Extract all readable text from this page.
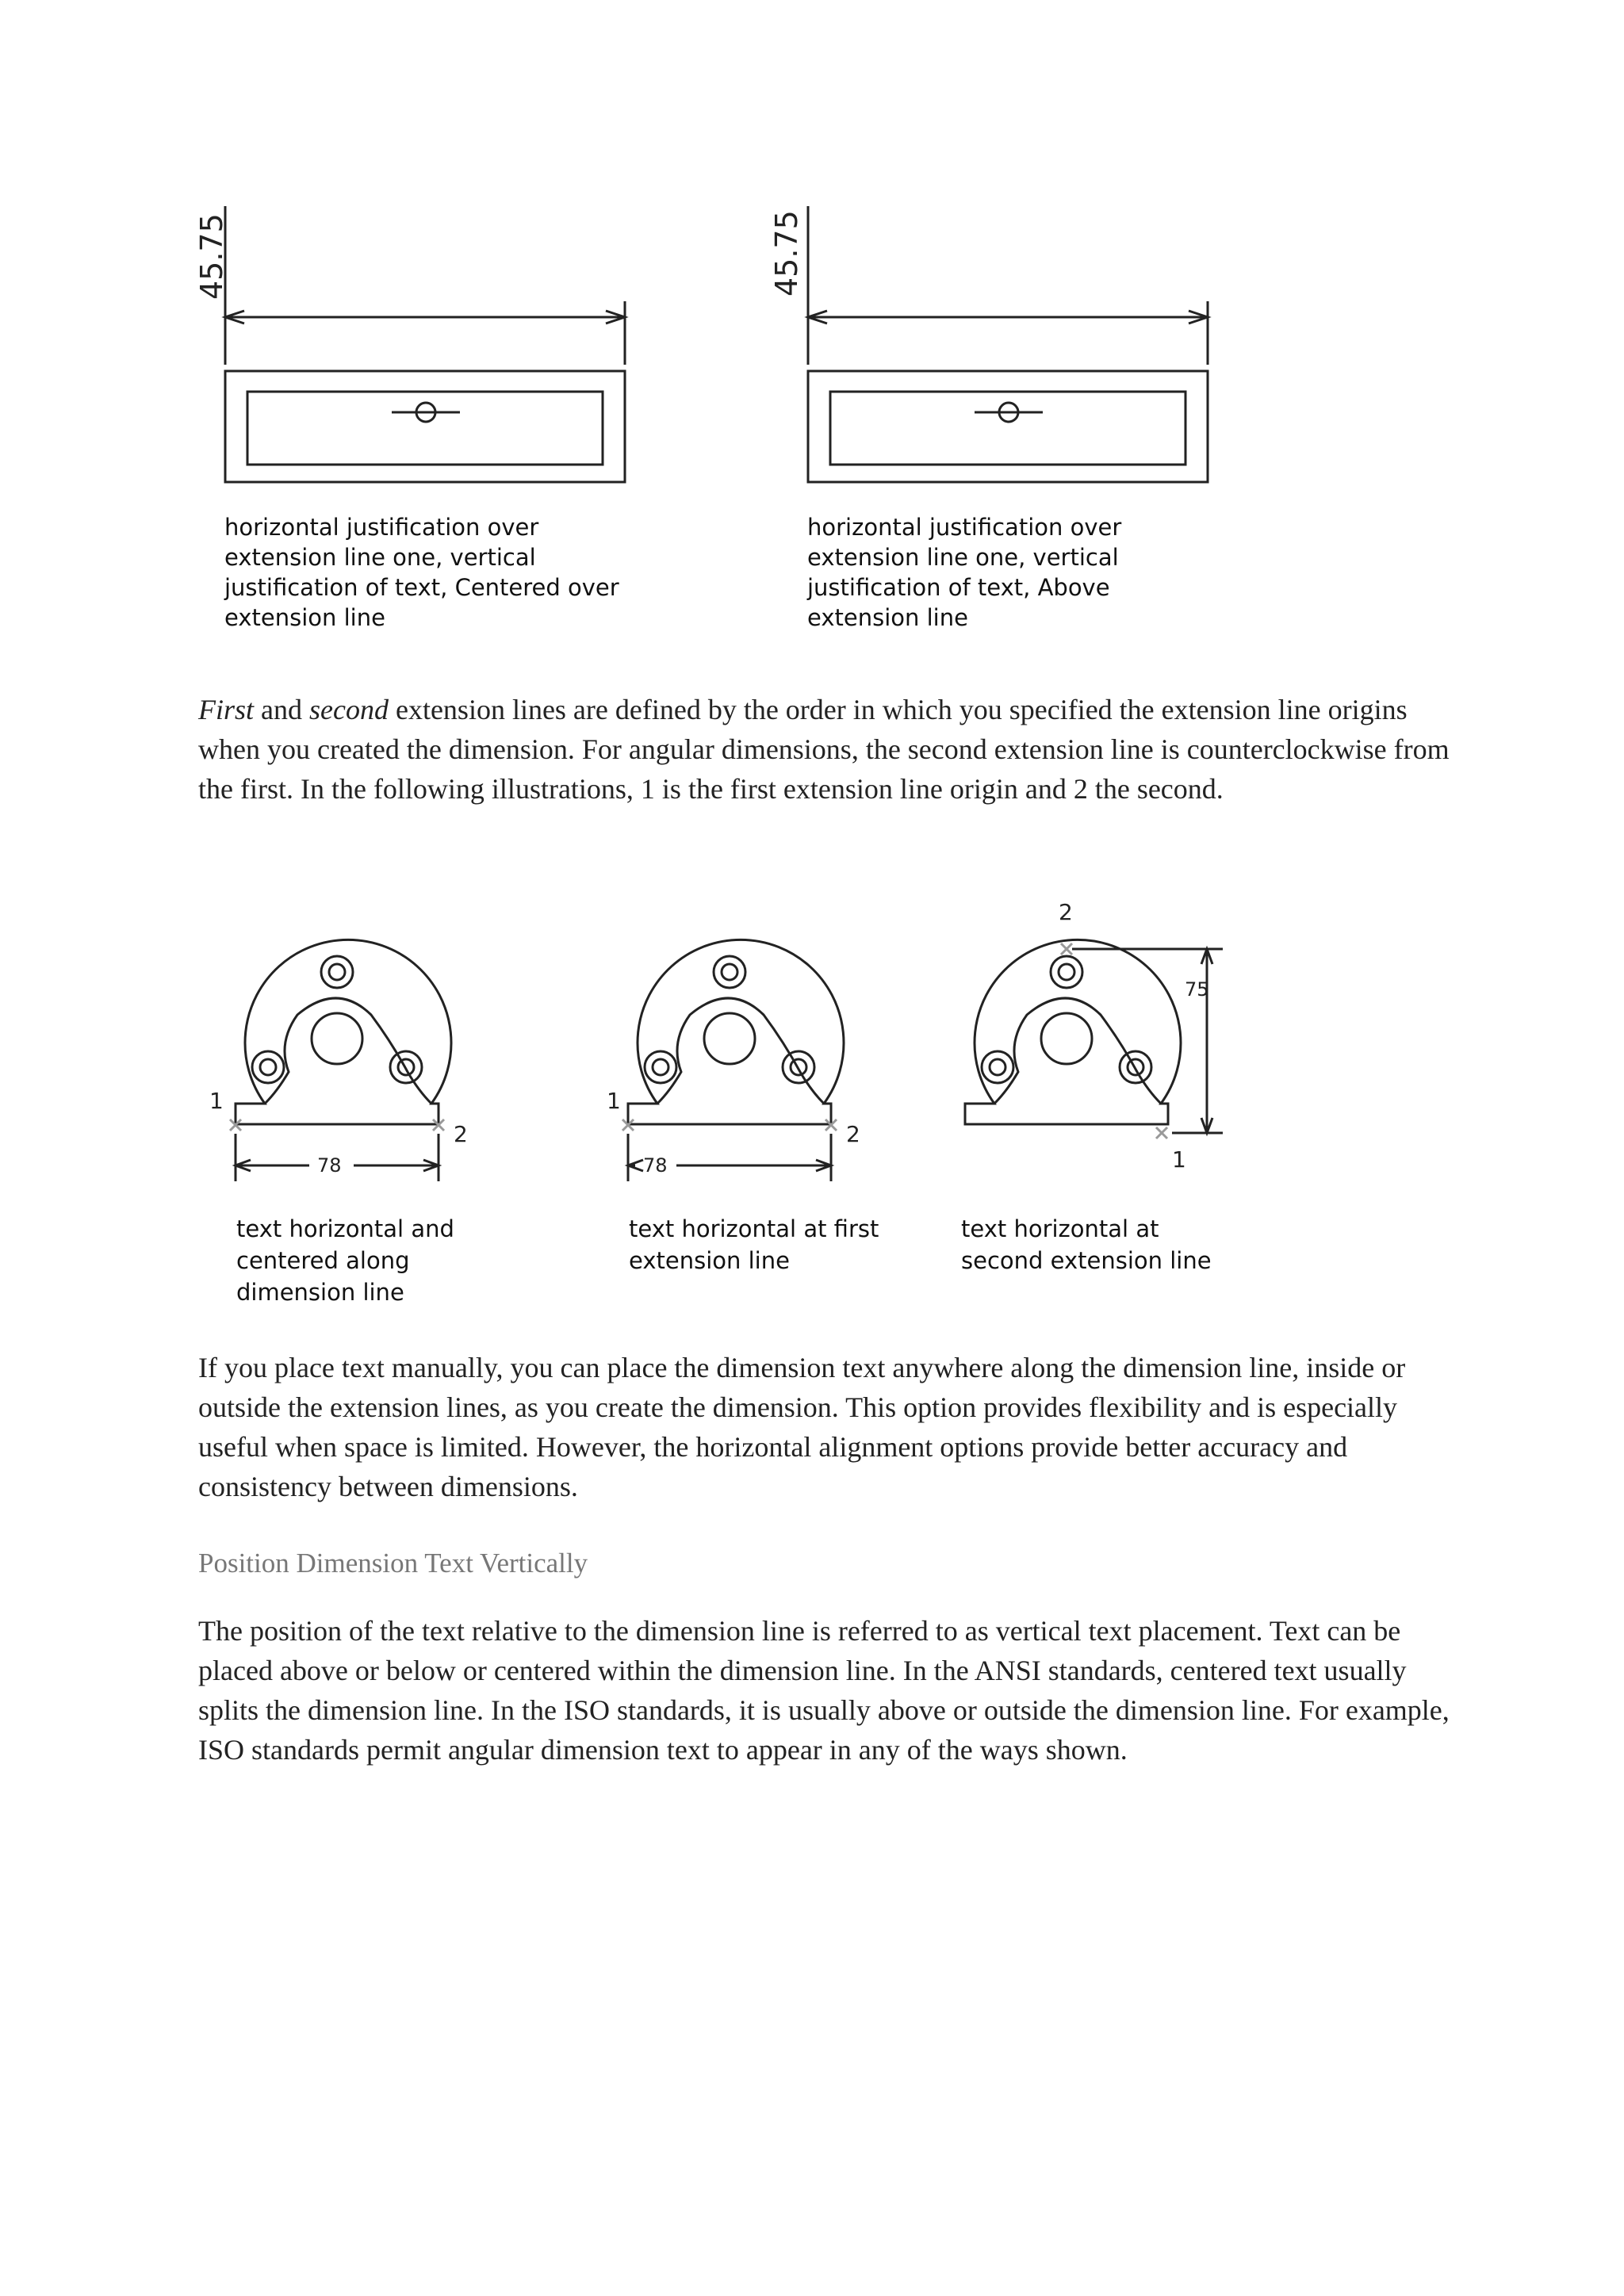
45.75
horizontal justification over
extension line one, vertical
justification of text, Centered over
extension line
45.75
horizontal justification over
extension line one, vertical
justification of text, Above
extension line
First and second extension lines are defined by the order in which you specified the extension line origins when you created the dimension. For angular dimensions, the second extension line is counterclockwise from the first. In the following illustrations, 1 is the first extension line origin and 2 the second.
1
2
78
text horizontal and
centered along
dimension line
1
2
78
text horizontal at first
extension line
2
1
75
text horizontal at
second extension line
If you place text manually, you can place the dimension text anywhere along the dimension line, inside or outside the extension lines, as you create the dimension. This option provides flexibility and is especially useful when space is limited. However, the horizontal alignment options provide better accuracy and consistency between dimensions.
Position Dimension Text Vertically
The position of the text relative to the dimension line is referred to as vertical text placement. Text can be placed above or below or centered within the dimension line. In the ANSI standards, centered text usually splits the dimension line. In the ISO standards, it is usually above or outside the dimension line. For example, ISO standards permit angular dimension text to appear in any of the ways shown.
